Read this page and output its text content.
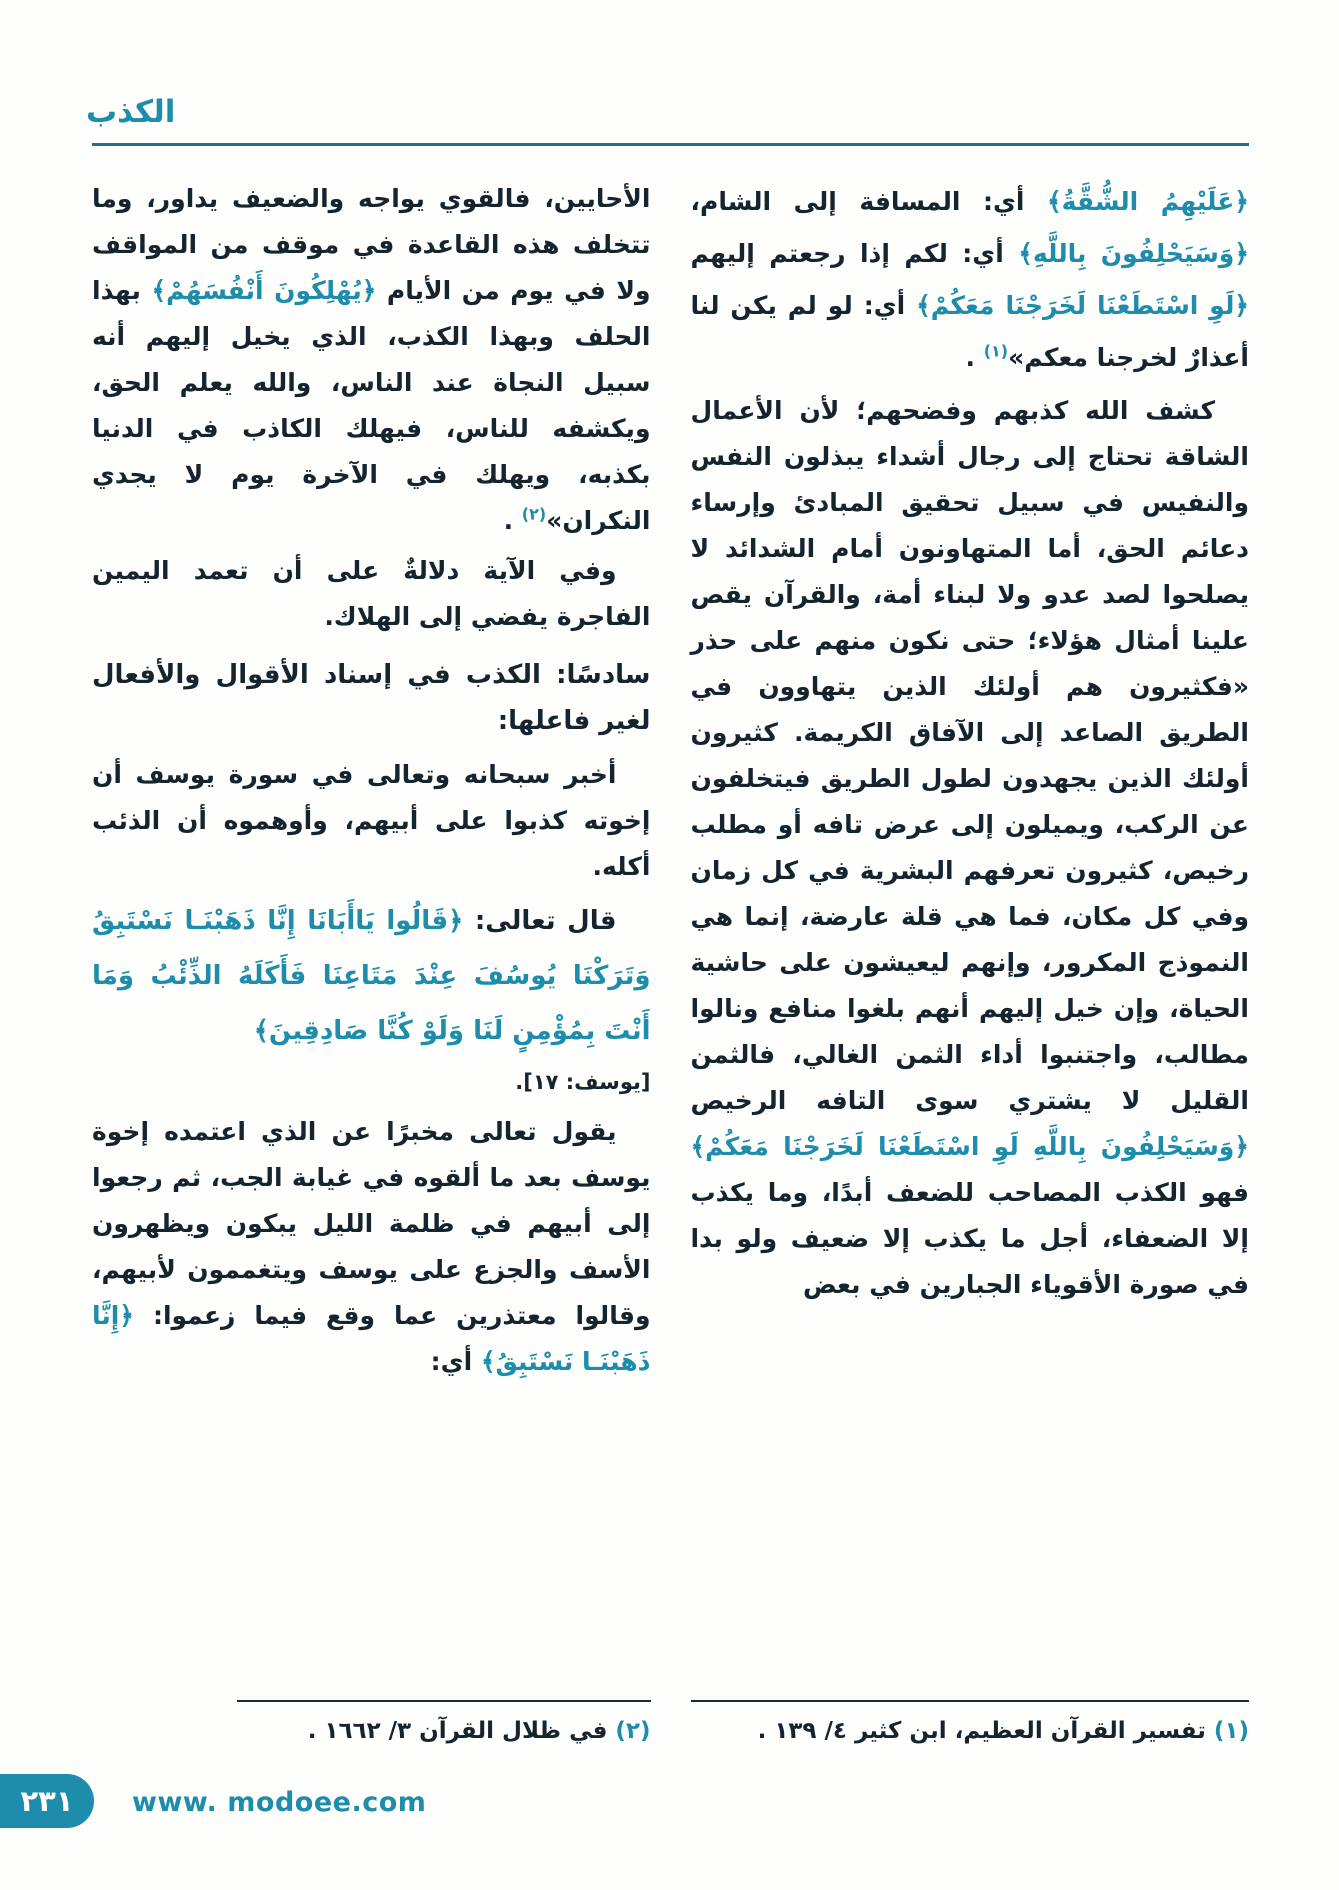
الكذب
﴿عَلَيْهِمُ الشُّقَّةُ﴾ أي: المسافة إلى الشام، ﴿وَسَيَحْلِفُونَ بِاللَّهِ﴾ أي: لكم إذا رجعتم إليهم ﴿لَوِ اسْتَطَعْنَا لَخَرَجْنَا مَعَكُمْ﴾ أي: لو لم يكن لنا أعذارٌ لخرجنا معكم»$^{(١)}$ .
كشف الله كذبهم وفضحهم؛ لأن الأعمال الشاقة تحتاج إلى رجال أشداء يبذلون النفس والنفيس في سبيل تحقيق المبادئ وإرساء دعائم الحق، أما المتهاونون أمام الشدائد لا يصلحوا لصد عدو ولا لبناء أمة، والقرآن يقص علينا أمثال هؤلاء؛ حتى نكون منهم على حذر «فكثيرون هم أولئك الذين يتهاوون في الطريق الصاعد إلى الآفاق الكريمة. كثيرون أولئك الذين يجهدون لطول الطريق فيتخلفون عن الركب، ويميلون إلى عرض تافه أو مطلب رخيص، كثيرون تعرفهم البشرية في كل زمان وفي كل مكان، فما هي قلة عارضة، إنما هي النموذج المكرور، وإنهم ليعيشون على حاشية الحياة، وإن خيل إليهم أنهم بلغوا منافع ونالوا مطالب، واجتنبوا أداء الثمن الغالي، فالثمن القليل لا يشتري سوى التافه الرخيص ﴿وَسَيَحْلِفُونَ بِاللَّهِ لَوِ اسْتَطَعْنَا لَخَرَجْنَا مَعَكُمْ﴾ فهو الكذب المصاحب للضعف أبدًا، وما يكذب إلا الضعفاء، أجل ما يكذب إلا ضعيف ولو بدا في صورة الأقوياء الجبارين في بعض
الأحايين، فالقوي يواجه والضعيف يداور، وما تتخلف هذه القاعدة في موقف من المواقف ولا في يوم من الأيام ﴿يُهْلِكُونَ أَنْفُسَهُمْ﴾ بهذا الحلف وبهذا الكذب، الذي يخيل إليهم أنه سبيل النجاة عند الناس، والله يعلم الحق، ويكشفه للناس، فيهلك الكاذب في الدنيا بكذبه، ويهلك في الآخرة يوم لا يجدي النكران»$^{(٢)}$ .
وفي الآية دلالةٌ على أن تعمد اليمين الفاجرة يفضي إلى الهلاك.
سادسًا: الكذب في إسناد الأقوال والأفعال لغير فاعلها:
أخبر سبحانه وتعالى في سورة يوسف أن إخوته كذبوا على أبيهم، وأوهموه أن الذئب أكله.
قال تعالى: ﴿قَالُوا يَاأَبَانَا إِنَّا ذَهَبْنَـا نَسْتَبِقُ وَتَرَكْنَا يُوسُفَ عِنْدَ مَتَاعِنَا فَأَكَلَهُ الذِّئْبُ وَمَا أَنْتَ بِمُؤْمِنٍ لَنَا وَلَوْ كُنَّا صَادِقِينَ﴾
[يوسف: ١٧].
يقول تعالى مخبرًا عن الذي اعتمده إخوة يوسف بعد ما ألقوه في غيابة الجب، ثم رجعوا إلى أبيهم في ظلمة الليل يبكون ويظهرون الأسف والجزع على يوسف ويتغممون لأبيهم، وقالوا معتذرين عما وقع فيما زعموا: ﴿إِنَّا ذَهَبْنَـا نَسْتَبِقُ﴾ أي:
(١) تفسير القرآن العظيم، ابن كثير ٤/ ١٣٩ .
(٢) في ظلال القرآن ٣/ ١٦٦٢ .
٢٣١	www. modoee.com
